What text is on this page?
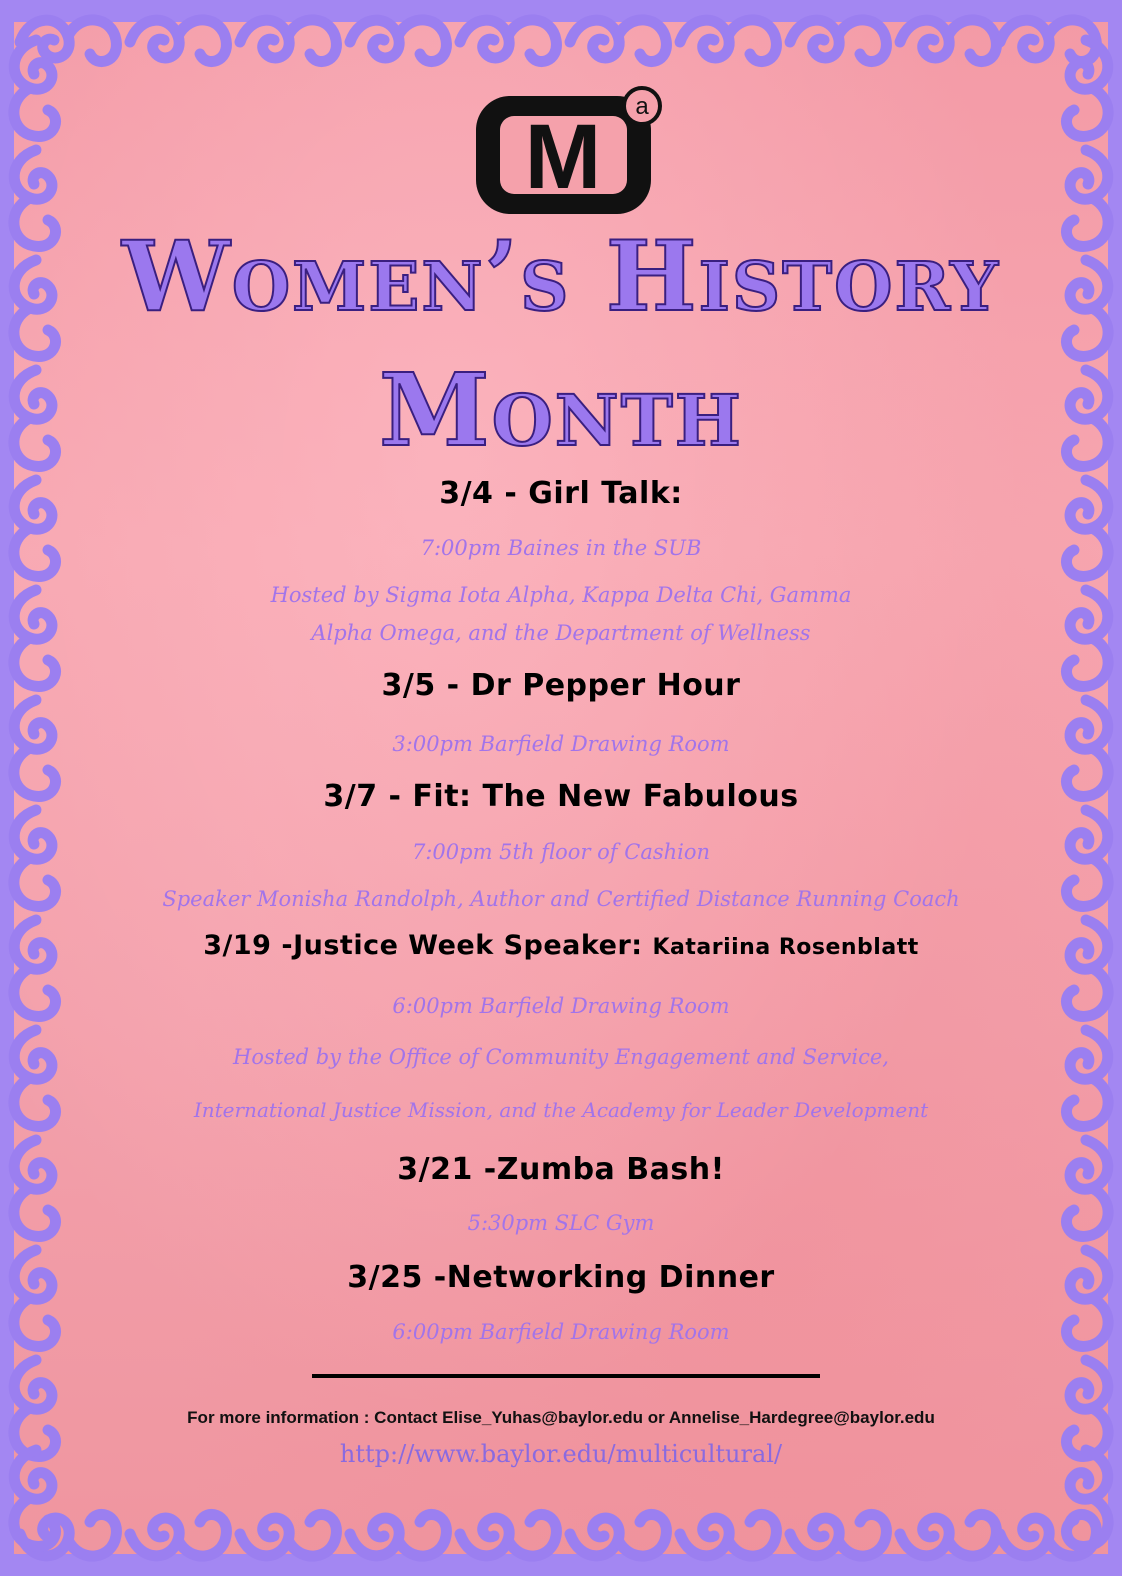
M a
Women’s History
Month
3/4 - Girl Talk:
7:00pm Baines in the SUB
Hosted by Sigma Iota Alpha, Kappa Delta Chi, Gamma
Alpha Omega, and the Department of Wellness
3/5 - Dr Pepper Hour
3:00pm Barfield Drawing Room
3/7 - Fit: The New Fabulous
7:00pm 5th floor of Cashion
Speaker Monisha Randolph, Author and Certified Distance Running Coach
3/19 -Justice Week Speaker: Katariina Rosenblatt
6:00pm Barfield Drawing Room
Hosted by the Office of Community Engagement and Service,
International Justice Mission, and the Academy for Leader Development
3/21 -Zumba Bash!
5:30pm SLC Gym
3/25 -Networking Dinner
6:00pm Barfield Drawing Room
For more information : Contact Elise_Yuhas@baylor.edu or Annelise_Hardegree@baylor.edu
http://www.baylor.edu/multicultural/
